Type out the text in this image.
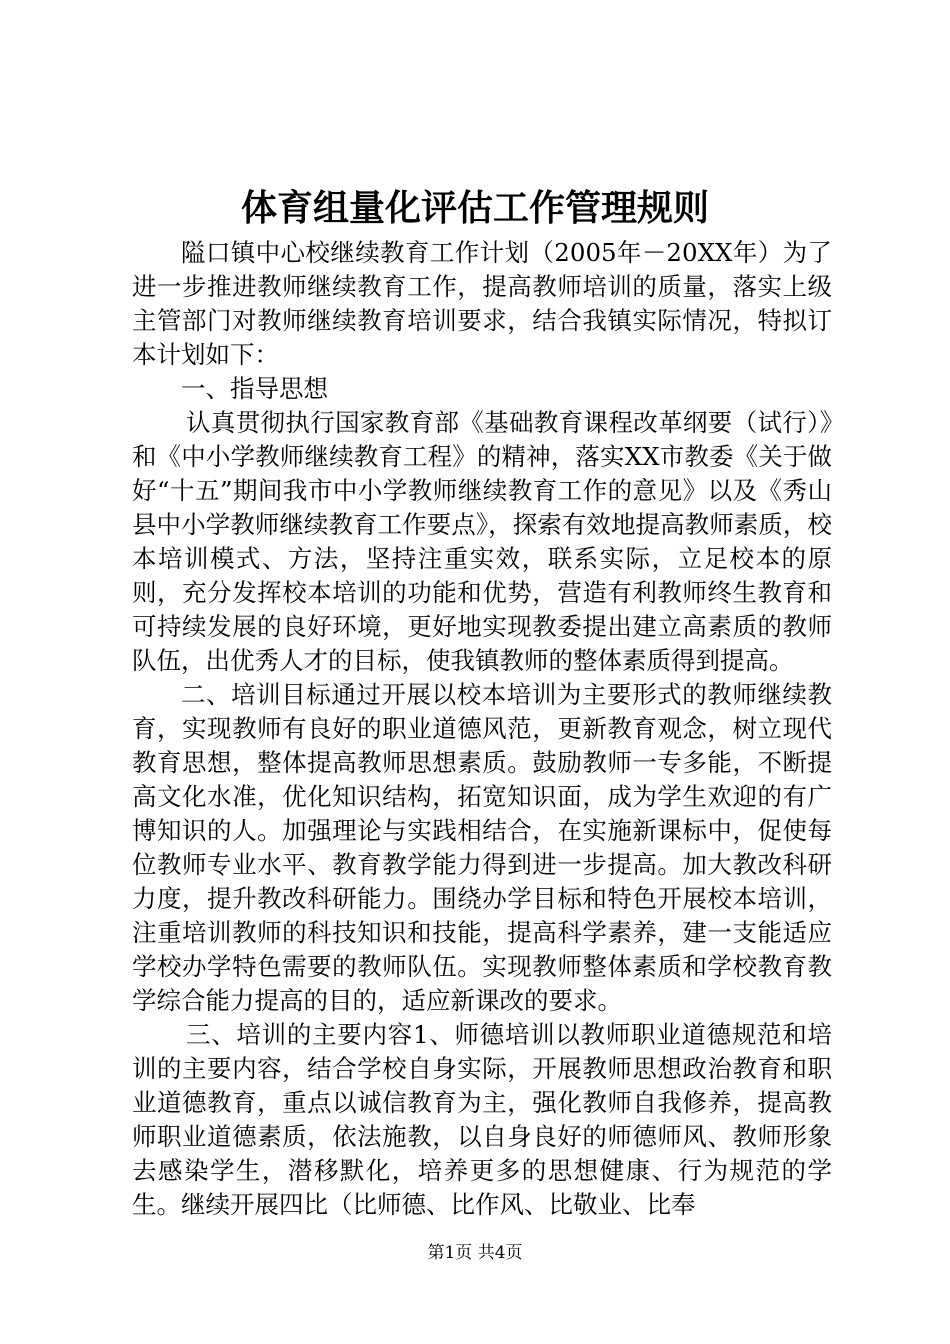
体育组量化评估工作管理规则

隘口镇中心校继续教育工作计划（2005年－20XX年）为了进一步推进教师继续教育工作，提高教师培训的质量，落实上级主管部门对教师继续教育培训要求，结合我镇实际情况，特拟订本计划如下：

一、指导思想

认真贯彻执行国家教育部《基础教育课程改革纲要（试行）》和《中小学教师继续教育工程》的精神，落实XX市教委《关于做好“十五”期间我市中小学教师继续教育工作的意见》以及《秀山县中小学教师继续教育工作要点》，探索有效地提高教师素质，校本培训模式、方法，坚持注重实效，联系实际，立足校本的原则，充分发挥校本培训的功能和优势，营造有利教师终生教育和可持续发展的良好环境，更好地实现教委提出建立高素质的教师队伍，出优秀人才的目标，使我镇教师的整体素质得到提高。

二、培训目标通过开展以校本培训为主要形式的教师继续教育，实现教师有良好的职业道德风范，更新教育观念，树立现代教育思想，整体提高教师思想素质。鼓励教师一专多能，不断提高文化水准，优化知识结构，拓宽知识面，成为学生欢迎的有广博知识的人。加强理论与实践相结合，在实施新课标中，促使每位教师专业水平、教育教学能力得到进一步提高。加大教改科研力度，提升教改科研能力。围绕办学目标和特色开展校本培训，注重培训教师的科技知识和技能，提高科学素养，建一支能适应学校办学特色需要的教师队伍。实现教师整体素质和学校教育教学综合能力提高的目的，适应新课改的要求。

三、培训的主要内容1、师德培训以教师职业道德规范和培训的主要内容，结合学校自身实际，开展教师思想政治教育和职业道德教育，重点以诚信教育为主，强化教师自我修养，提高教师职业道德素质，依法施教，以自身良好的师德师风、教师形象去感染学生，潜移默化，培养更多的思想健康、行为规范的学生。继续开展四比（比师德、比作风、比敬业、比奉

第1页 共4页
